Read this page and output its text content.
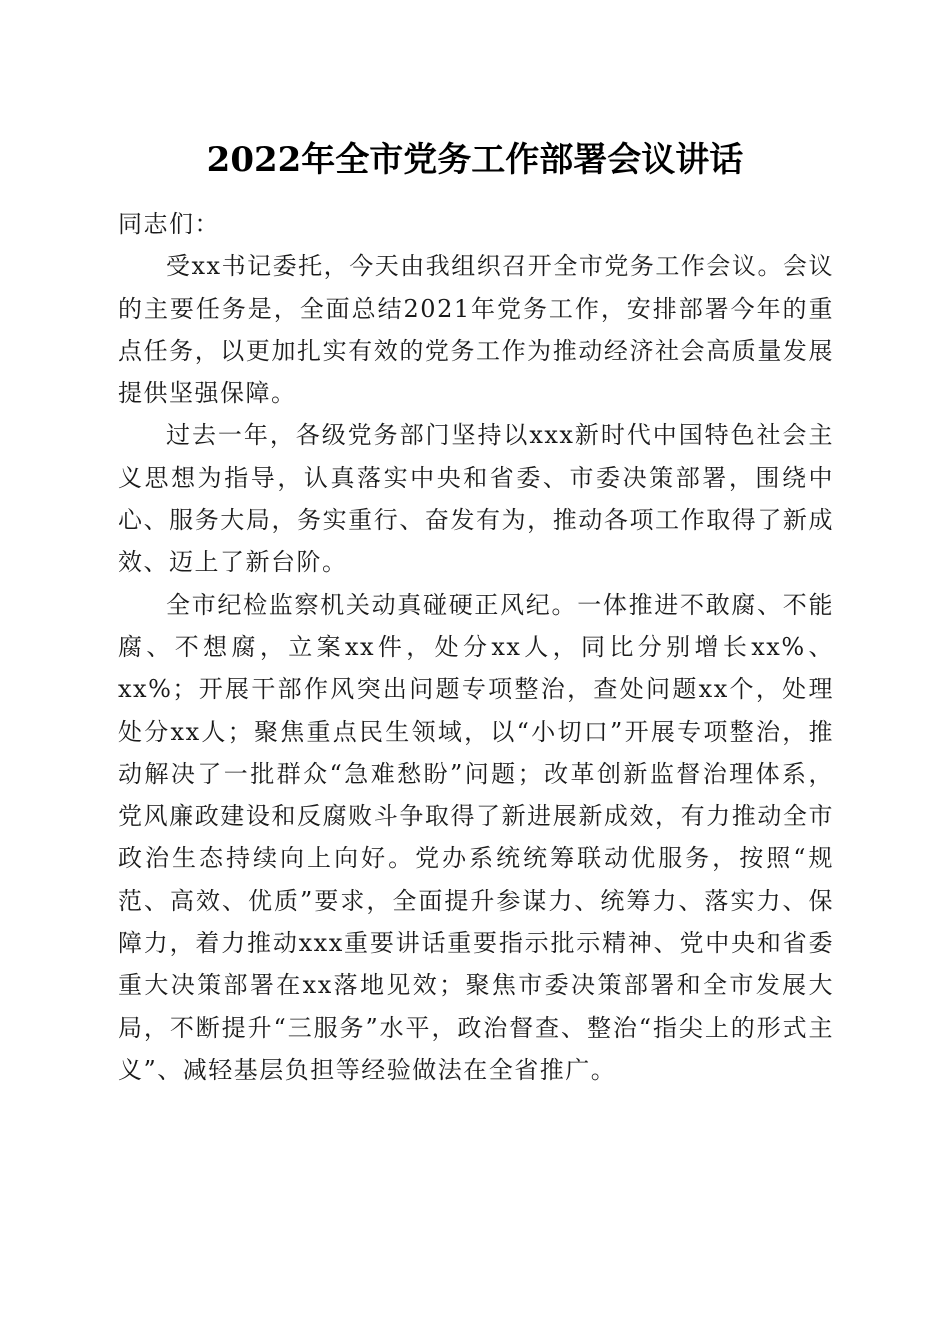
2022年全市党务工作部署会议讲话

同志们：

受xx书记委托，今天由我组织召开全市党务工作会议。会议的主要任务是，全面总结2021年党务工作，安排部署今年的重点任务，以更加扎实有效的党务工作为推动经济社会高质量发展提供坚强保障。

过去一年，各级党务部门坚持以xxx新时代中国特色社会主义思想为指导，认真落实中央和省委、市委决策部署，围绕中心、服务大局，务实重行、奋发有为，推动各项工作取得了新成效、迈上了新台阶。

全市纪检监察机关动真碰硬正风纪。一体推进不敢腐、不能腐、不想腐，立案xx件，处分xx人，同比分别增长xx%、xx%；开展干部作风突出问题专项整治，查处问题xx个，处理处分xx人；聚焦重点民生领域，以“小切口”开展专项整治，推动解决了一批群众“急难愁盼”问题；改革创新监督治理体系，党风廉政建设和反腐败斗争取得了新进展新成效，有力推动全市政治生态持续向上向好。党办系统统筹联动优服务，按照“规范、高效、优质”要求，全面提升参谋力、统筹力、落实力、保障力，着力推动xxx重要讲话重要指示批示精神、党中央和省委重大决策部署在xx落地见效；聚焦市委决策部署和全市发展大局，不断提升“三服务”水平，政治督查、整治“指尖上的形式主义”、减轻基层负担等经验做法在全省推广。
